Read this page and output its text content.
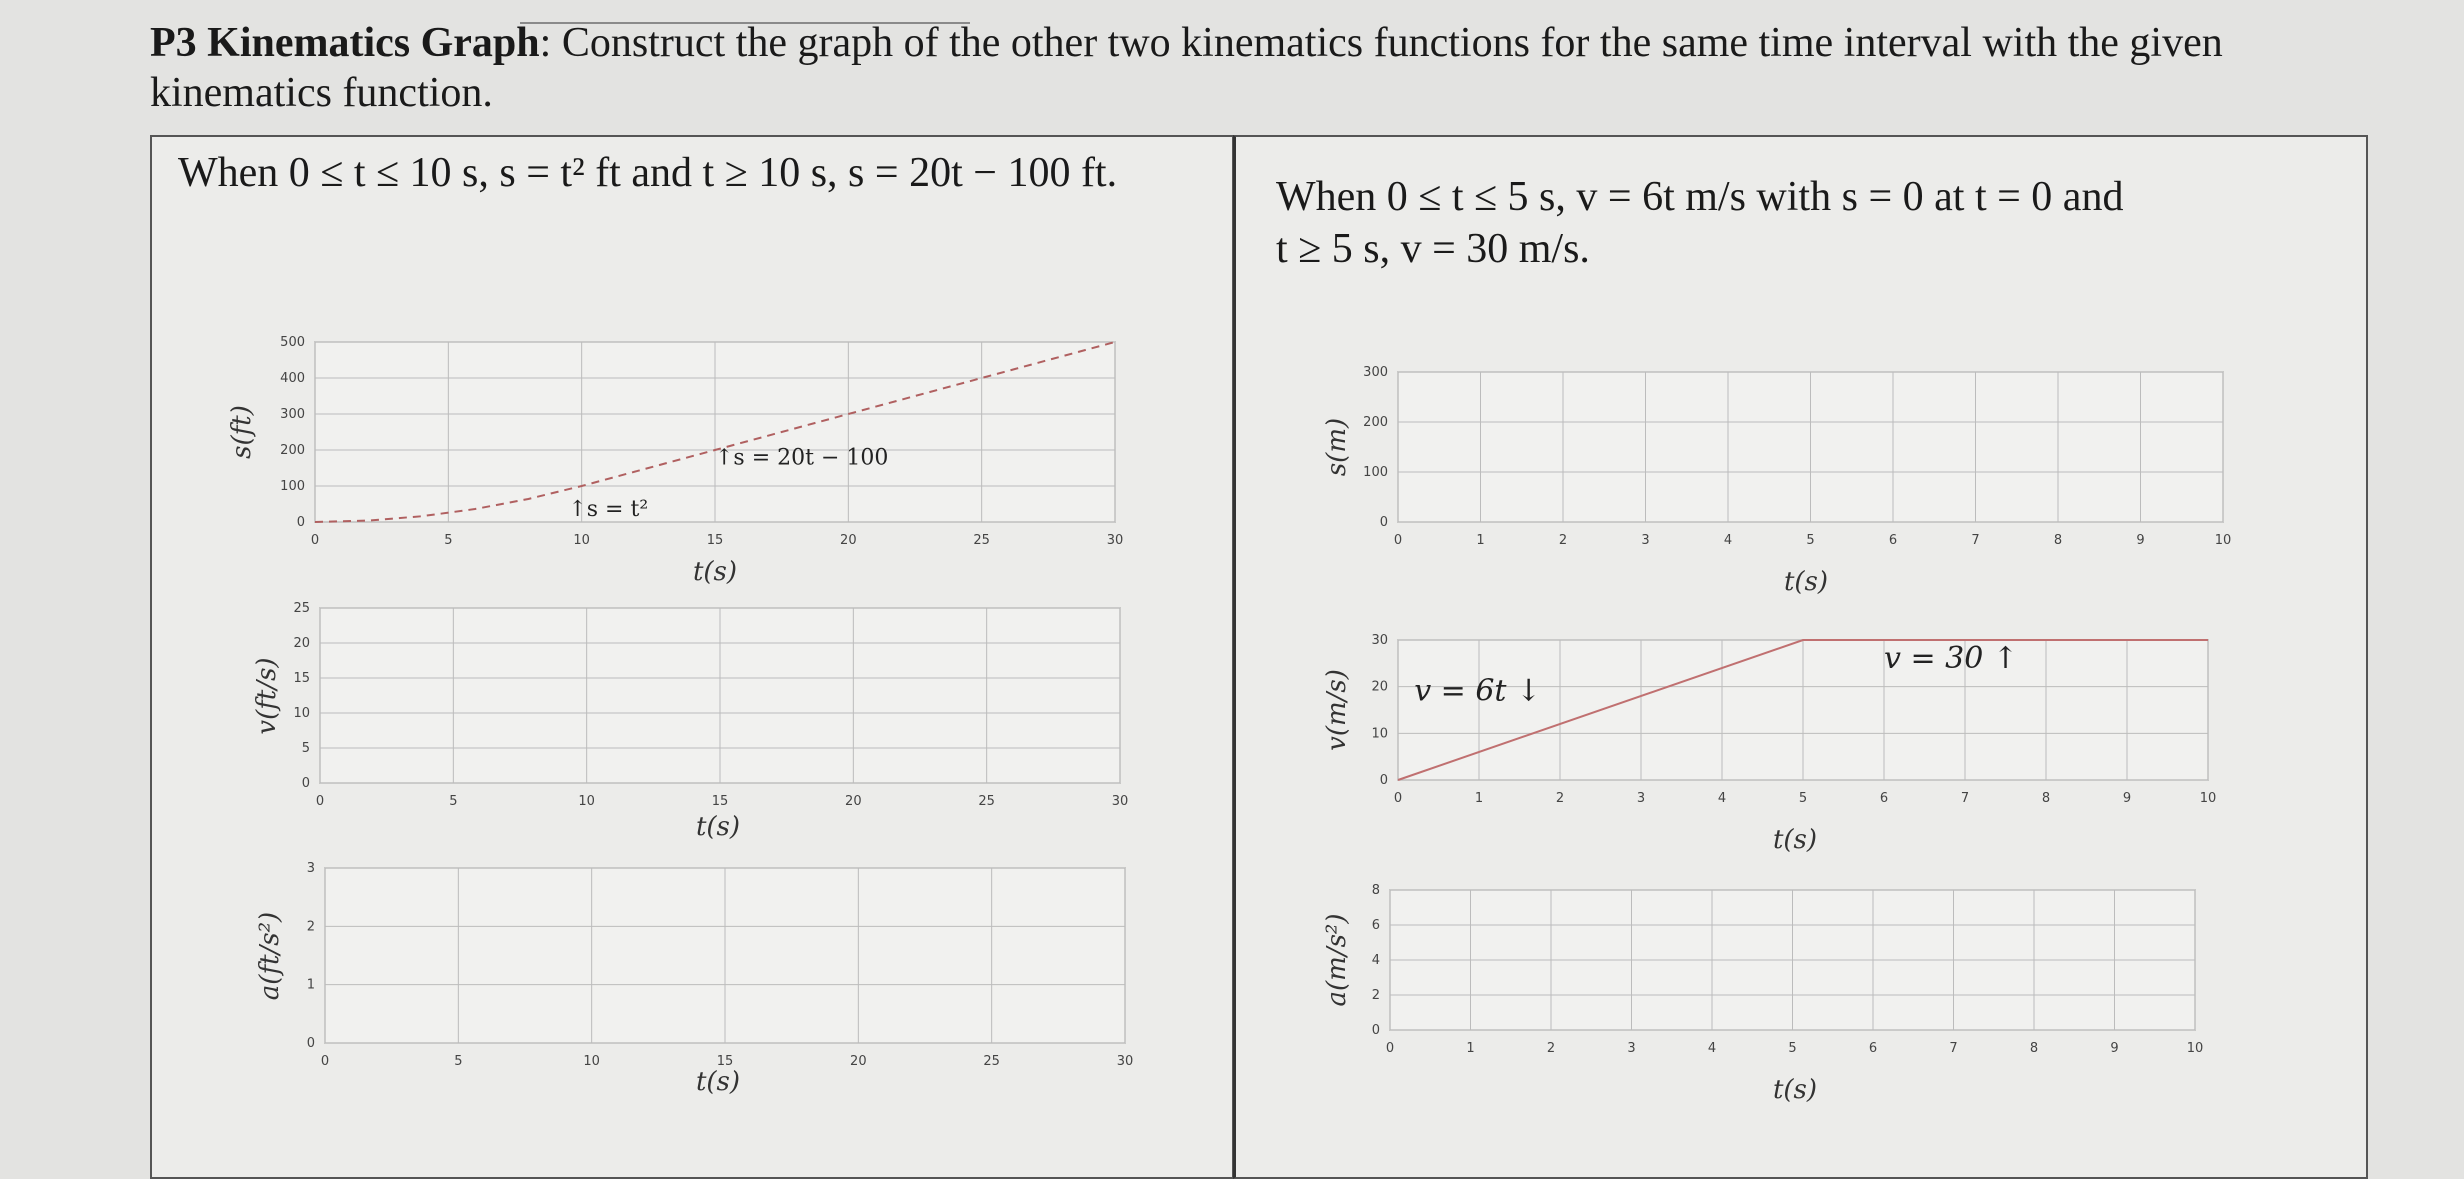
P3 Kinematics Graph: Construct the graph of the other two kinematics functions for the same time interval with the given kinematics function.
When 0 ≤ t ≤ 10 s, s = t² ft and t ≥ 10 s, s = 20t − 100 ft.
When 0 ≤ t ≤ 5 s, v = 6t m/s with s = 0 at t = 0 and
t ≥ 5 s, v = 30 m/s.
0	5	10	15	20	25	30
0
100
200
300
400
500
t(s)
s(ft)
↑s = t²
↑s = 20t − 100
0	5	10	15	20	25	30
0
5
10
15
20
25
t(s)
v(ft/s)
0	5	10	15	20	25	30
0
1
2
3
t(s)
a(ft/s²)
0	1	2	3	4	5	6	7	8	9	10
0
100
200
300
t(s)
s(m)
0	1	2	3	4	5	6	7	8	9	10
0
10
20
30
t(s)
v(m/s) v = 6t ↓
v = 30 ↑
0	1	2	3	4	5	6	7	8	9	10
0
2
4
6
8
t(s)
a(m/s²)
